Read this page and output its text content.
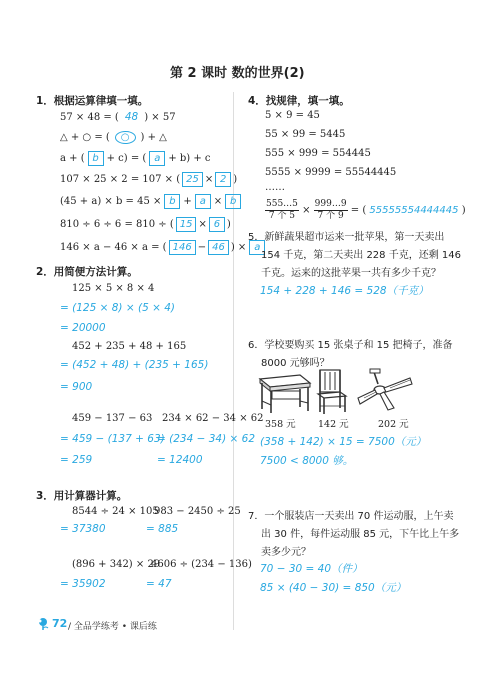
第 2 课时 数的世界(2)
1．根据运算律填一填。
57 × 48 = ( 48 ) × 57
△ + ○ = ( ○ ) + △
a + ( b + c) = ( a + b) + c
107 × 25 × 2 = 107 × ( 25 × 2 )
(45 + a) × b = 45 × b + a × b
810 ÷ 6 ÷ 6 = 810 ÷ ( 15 × 6 )
146 × a − 46 × a = ( 146 − 46 ) × a
2．用简便方法计算。
125 × 5 × 8 × 4
= (125 × 8) × (5 × 4)
= 20000
452 + 235 + 48 + 165
= (452 + 48) + (235 + 165)
= 900
459 − 137 − 63
= 459 − (137 + 63)
= 259
234 × 62 − 34 × 62
= (234 − 34) × 62
= 12400
3．用计算器计算。
8544 ÷ 24 × 105
= 37380
983 − 2450 ÷ 25
= 885
(896 + 342) × 29
= 35902
4606 ÷ (234 − 136)
= 47
4．找规律，填一填。
5 × 9 = 45
55 × 99 = 5445
555 × 999 = 554445
5555 × 9999 = 55544445
……
$\frac{555\dots 5}{\text{7 个 5}} \times \frac{999\dots 9}{\text{7 个 9}}$ = ( 55555554444445 )
5．新鲜蔬果超市运来一批苹果，第一天卖出
154 千克，第二天卖出 228 千克，还剩 146
千克。运来的这批苹果一共有多少千克？
154 + 228 + 146 = 528（千克）
6．学校要购买 15 张桌子和 15 把椅子，准备
8000 元够吗？
358 元 142 元	202 元
(358 + 142) × 15 = 7500（元）
7500 < 8000 够。
7．一个服装店一天卖出 70 件运动服，上午卖
出 30 件，每件运动服 85 元，下午比上午多
卖多少元？
70 − 30 = 40（件）
85 × (40 − 30) = 850（元）
72 / 全品学练考 • 课后练
